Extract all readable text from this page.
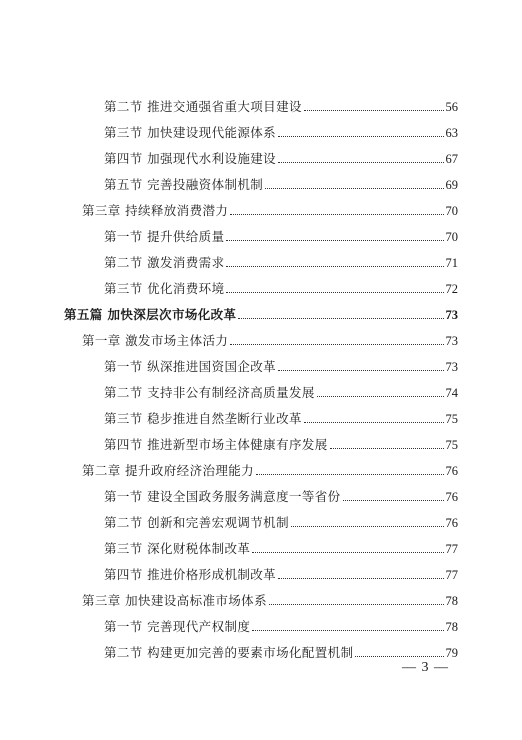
第二节 推进交通强省重大项目建设	56
第三节 加快建设现代能源体系	63
第四节 加强现代水利设施建设	67
第五节 完善投融资体制机制	69
第三章 持续释放消费潜力	70
第一节 提升供给质量	70
第二节 激发消费需求	71
第三节 优化消费环境	72
第五篇 加快深层次市场化改革	73
第一章 激发市场主体活力	73
第一节 纵深推进国资国企改革	73
第二节 支持非公有制经济高质量发展	74
第三节 稳步推进自然垄断行业改革	75
第四节 推进新型市场主体健康有序发展	75
第二章 提升政府经济治理能力	76
第一节 建设全国政务服务满意度一等省份	76
第二节 创新和完善宏观调节机制	76
第三节 深化财税体制改革	77
第四节 推进价格形成机制改革	77
第三章 加快建设高标准市场体系	78
第一节 完善现代产权制度	78
第二节 构建更加完善的要素市场化配置机制	79
— 3 —
